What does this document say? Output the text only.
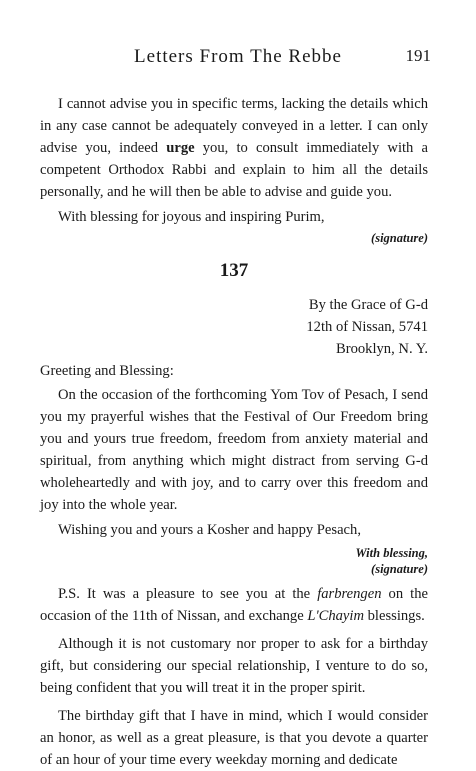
Letters From The Rebbe	191

I cannot advise you in specific terms, lacking the details which in any case cannot be adequately conveyed in a letter. I can only advise you, indeed urge you, to consult immediately with a competent Orthodox Rabbi and explain to him all the details personally, and he will then be able to advise and guide you.

With blessing for joyous and inspiring Purim,

(signature)
137
By the Grace of G-d
12th of Nissan, 5741
Brooklyn, N. Y.

Greeting and Blessing:

On the occasion of the forthcoming Yom Tov of Pesach, I send you my prayerful wishes that the Festival of Our Freedom bring you and yours true freedom, freedom from anxiety material and spiritual, from anything which might distract from serving G-d wholeheartedly and with joy, and to carry over this freedom and joy into the whole year.

Wishing you and yours a Kosher and happy Pesach,

With blessing,
(signature)

P.S. It was a pleasure to see you at the farbrengen on the occasion of the 11th of Nissan, and exchange L'Chayim blessings.

Although it is not customary nor proper to ask for a birthday gift, but considering our special relationship, I venture to do so, being confident that you will treat it in the proper spirit.

The birthday gift that I have in mind, which I would consider an honor, as well as a great pleasure, is that you devote a quarter of an hour of your time every weekday morning and dedicate
